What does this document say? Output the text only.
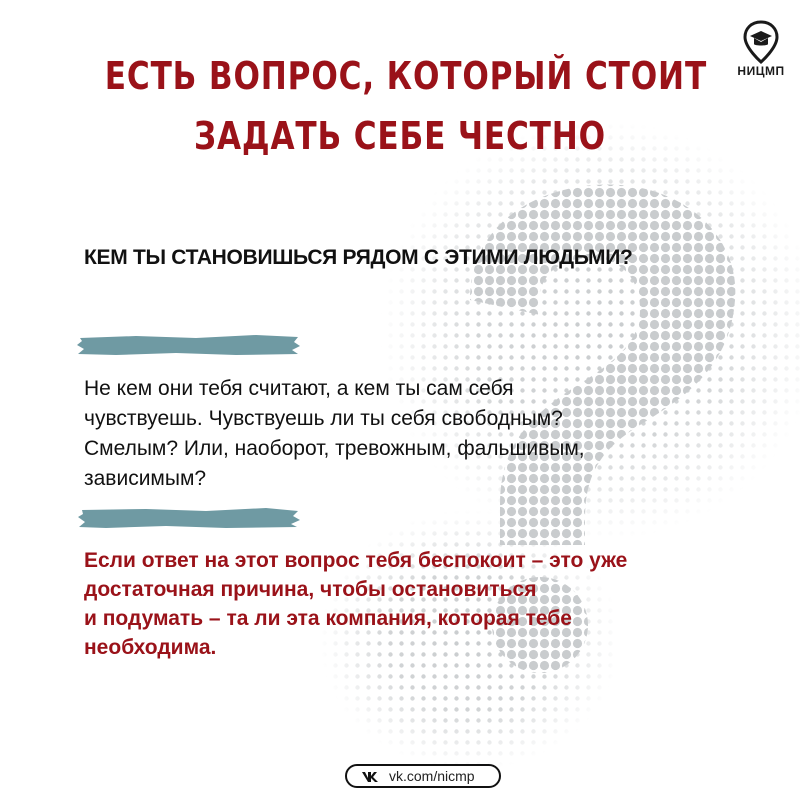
НИЦМП
ЕСТЬ ВОПРОС, КОТОРЫЙ СТОИТ
ЗАДАТЬ СЕБЕ ЧЕСТНО
КЕМ ТЫ СТАНОВИШЬСЯ РЯДОМ С ЭТИМИ ЛЮДЬМИ?
Не кем они тебя считают, а кем ты сам себя
чувствуешь. Чувствуешь ли ты себя свободным?
Смелым? Или, наоборот, тревожным, фальшивым,
зависимым?
Если ответ на этот вопрос тебя беспокоит – это уже
достаточная причина, чтобы остановиться
и подумать – та ли эта компания, которая тебе
необходима.
vk.com/nicmp
